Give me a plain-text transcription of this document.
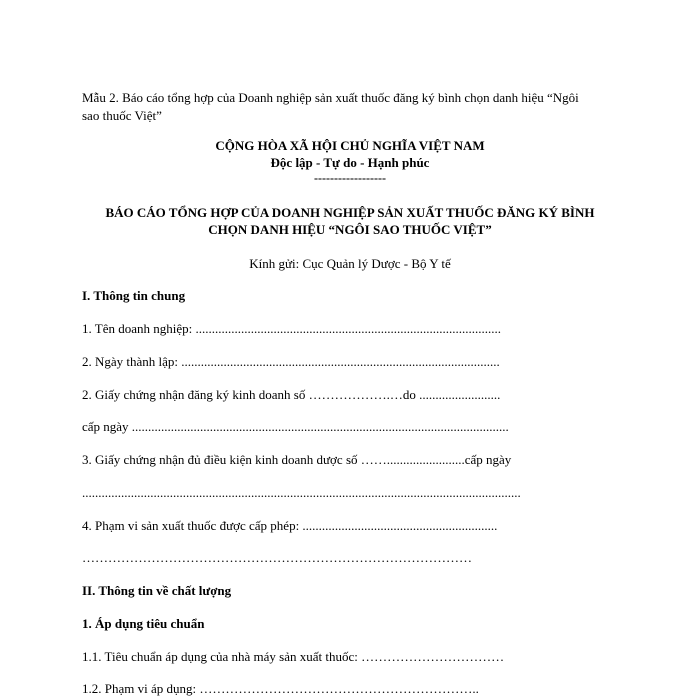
Mẫu 2. Báo cáo tổng hợp của Doanh nghiệp sản xuất thuốc đăng ký bình chọn danh hiệu “Ngôi
sao thuốc Việt”
CỘNG HÒA XÃ HỘI CHỦ NGHĨA VIỆT NAM
Độc lập - Tự do - Hạnh phúc
------------------
BÁO CÁO TỔNG HỢP CỦA DOANH NGHIỆP SẢN XUẤT THUỐC ĐĂNG KÝ BÌNH
CHỌN DANH HIỆU “NGÔI SAO THUỐC VIỆT”
Kính gửi: Cục Quản lý Dược - Bộ Y tế
I. Thông tin chung
1. Tên doanh nghiệp: ..............................................................................................
2. Ngày thành lập: ..................................................................................................
2. Giấy chứng nhận đăng ký kinh doanh số ……………….…do .........................
cấp ngày ....................................................................................................................
3. Giấy chứng nhận đủ điều kiện kinh doanh dược số ……........................cấp ngày
.......................................................................................................................................
4. Phạm vi sản xuất thuốc được cấp phép: ............................................................
………………………………………………………………………………
II. Thông tin về chất lượng
1. Áp dụng tiêu chuẩn
1.1. Tiêu chuẩn áp dụng của nhà máy sản xuất thuốc: ……………………………
1.2. Phạm vi áp dụng: ………………………………………………………..
